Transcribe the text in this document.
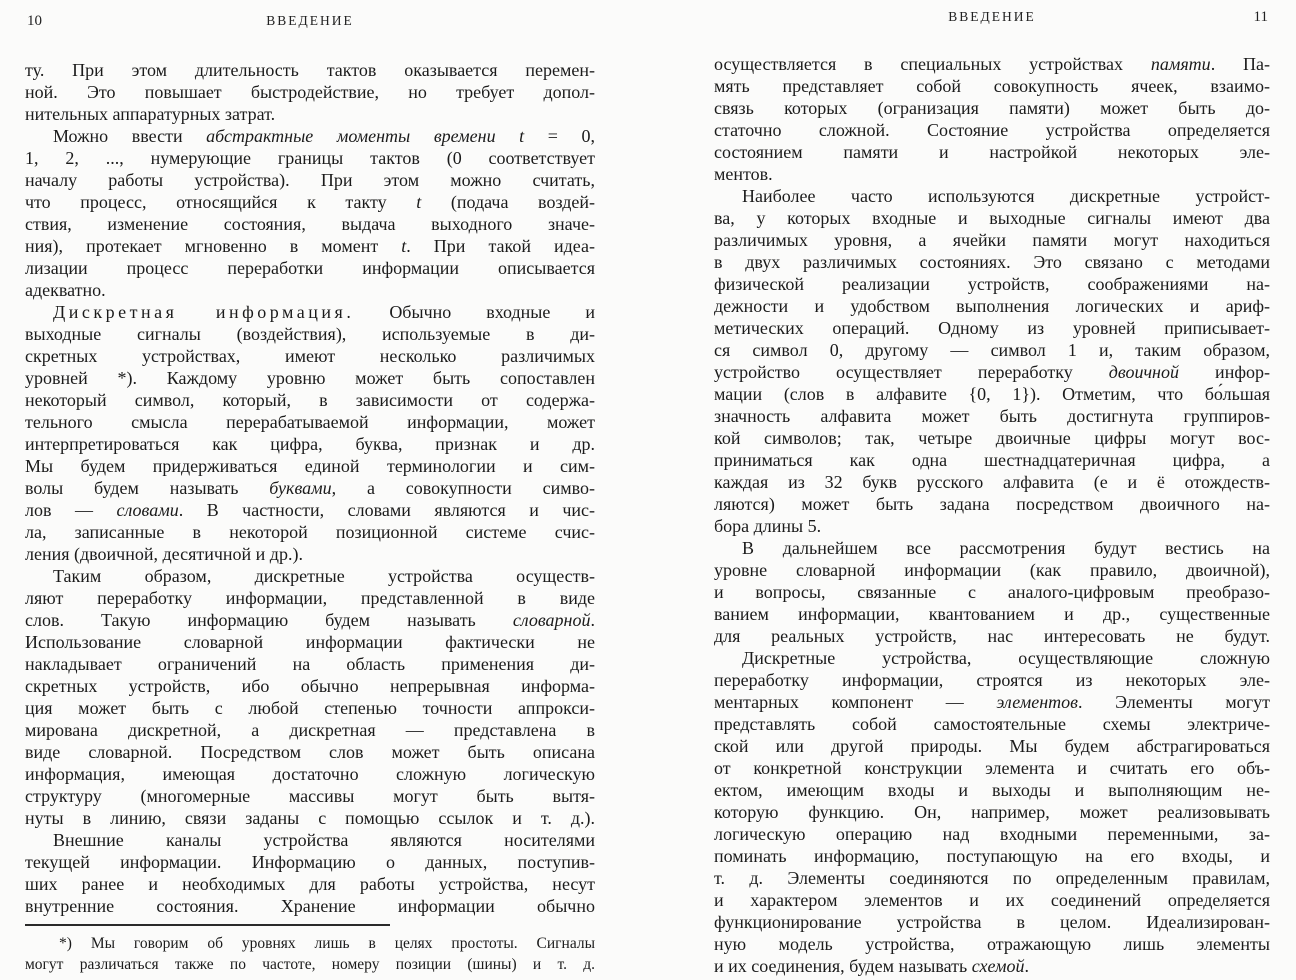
10	ВВЕДЕНИЕ
ту. При этом длительность тактов оказывается перемен-
ной. Это повышает быстродействие, но требует допол-
нительных аппаратурных затрат.
Можно ввести абстрактные моменты времени t = 0,
1, 2, ..., нумерующие границы тактов (0 соответствует
началу работы устройства). При этом можно считать,
что процесс, относящийся к такту t (подача воздей-
ствия, изменение состояния, выдача выходного значе-
ния), протекает мгновенно в момент t. При такой идеа-
лизации процесс переработки информации описывается
адекватно.
Дискретная информация. Обычно входные и
выходные сигналы (воздействия), используемые в ди-
скретных устройствах, имеют несколько различимых
уровней *). Каждому уровню может быть сопоставлен
некоторый символ, который, в зависимости от содержа-
тельного смысла перерабатываемой информации, может
интерпретироваться как цифра, буква, признак и др.
Мы будем придерживаться единой терминологии и сим-
волы будем называть буквами, а совокупности симво-
лов — словами. В частности, словами являются и чис-
ла, записанные в некоторой позиционной системе счис-
ления (двоичной, десятичной и др.).
Таким образом, дискретные устройства осуществ-
ляют переработку информации, представленной в виде
слов. Такую информацию будем называть словарной.
Использование словарной информации фактически не
накладывает ограничений на область применения ди-
скретных устройств, ибо обычно непрерывная информа-
ция может быть с любой степенью точности аппрокси-
мирована дискретной, а дискретная — представлена в
виде словарной. Посредством слов может быть описана
информация, имеющая достаточно сложную логическую
структуру (многомерные массивы могут быть вытя-
нуты в линию, связи заданы с помощью ссылок и т. д.).
Внешние каналы устройства являются носителями
текущей информации. Информацию о данных, поступив-
ших ранее и необходимых для работы устройства, несут
внутренние состояния. Хранение информации обычно
*) Мы говорим об уровнях лишь в целях простоты. Сигналы
могут различаться также по частоте, номеру позиции (шины) и т. д.
ВВЕДЕНИЕ	11
осуществляется в специальных устройствах памяти. Па-
мять представляет собой совокупность ячеек, взаимо-
связь которых (огранизация памяти) может быть до-
статочно сложной. Состояние устройства определяется
состоянием памяти и настройкой некоторых эле-
ментов.
Наиболее часто используются дискретные устройст-
ва, у которых входные и выходные сигналы имеют два
различимых уровня, а ячейки памяти могут находиться
в двух различимых состояниях. Это связано с методами
физической реализации устройств, соображениями на-
дежности и удобством выполнения логических и ариф-
метических операций. Одному из уровней приписывает-
ся символ 0, другому — символ 1 и, таким образом,
устройство осуществляет переработку двоичной инфор-
мации (слов в алфавите {0, 1}). Отметим, что бо́льшая
значность алфавита может быть достигнута группиров-
кой символов; так, четыре двоичные цифры могут вос-
приниматься как одна шестнадцатеричная цифра, а
каждая из 32 букв русского алфавита (е и ё отождеств-
ляются) может быть задана посредством двоичного на-
бора длины 5.
В дальнейшем все рассмотрения будут вестись на
уровне словарной информации (как правило, двоичной),
и вопросы, связанные с аналого-цифровым преобразо-
ванием информации, квантованием и др., существенные
для реальных устройств, нас интересовать не будут.
Дискретные устройства, осуществляющие сложную
переработку информации, строятся из некоторых эле-
ментарных компонент — элементов. Элементы могут
представлять собой самостоятельные схемы электриче-
ской или другой природы. Мы будем абстрагироваться
от конкретной конструкции элемента и считать его объ-
ектом, имеющим входы и выходы и выполняющим не-
которую функцию. Он, например, может реализовывать
логическую операцию над входными переменными, за-
поминать информацию, поступающую на его входы, и
т. д. Элементы соединяются по определенным правилам,
и характером элементов и их соединений определяется
функционирование устройства в целом. Идеализирован-
ную модель устройства, отражающую лишь элементы
и их соединения, будем называть схемой.
